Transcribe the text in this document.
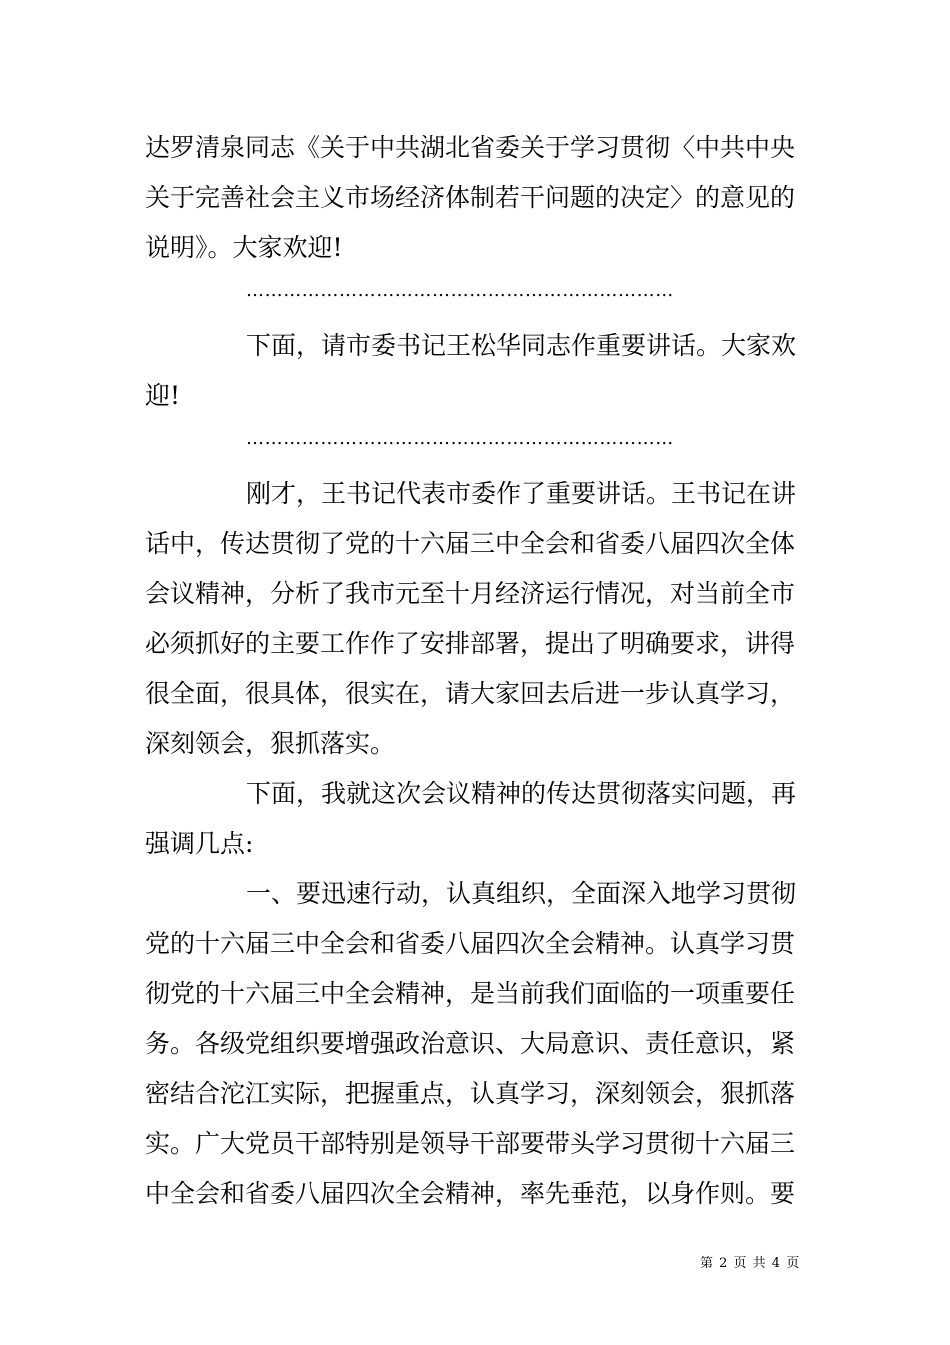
达罗清泉同志《关于中共湖北省委关于学习贯彻〈中共中央
关于完善社会主义市场经济体制若干问题的决定〉的意见的
说明》。大家欢迎!
……………………………………………………………
下面，请市委书记王松华同志作重要讲话。大家欢
迎!
……………………………………………………………
刚才，王书记代表市委作了重要讲话。王书记在讲
话中，传达贯彻了党的十六届三中全会和省委八届四次全体
会议精神，分析了我市元至十月经济运行情况，对当前全市
必须抓好的主要工作作了安排部署，提出了明确要求，讲得
很全面，很具体，很实在，请大家回去后进一步认真学习，
深刻领会，狠抓落实。
下面，我就这次会议精神的传达贯彻落实问题，再
强调几点:
一、要迅速行动，认真组织，全面深入地学习贯彻
党的十六届三中全会和省委八届四次全会精神。认真学习贯
彻党的十六届三中全会精神，是当前我们面临的一项重要任
务。各级党组织要增强政治意识、大局意识、责任意识，紧
密结合沱江实际，把握重点，认真学习，深刻领会，狠抓落
实。广大党员干部特别是领导干部要带头学习贯彻十六届三
中全会和省委八届四次全会精神，率先垂范，以身作则。要
第 2 页 共 4 页
